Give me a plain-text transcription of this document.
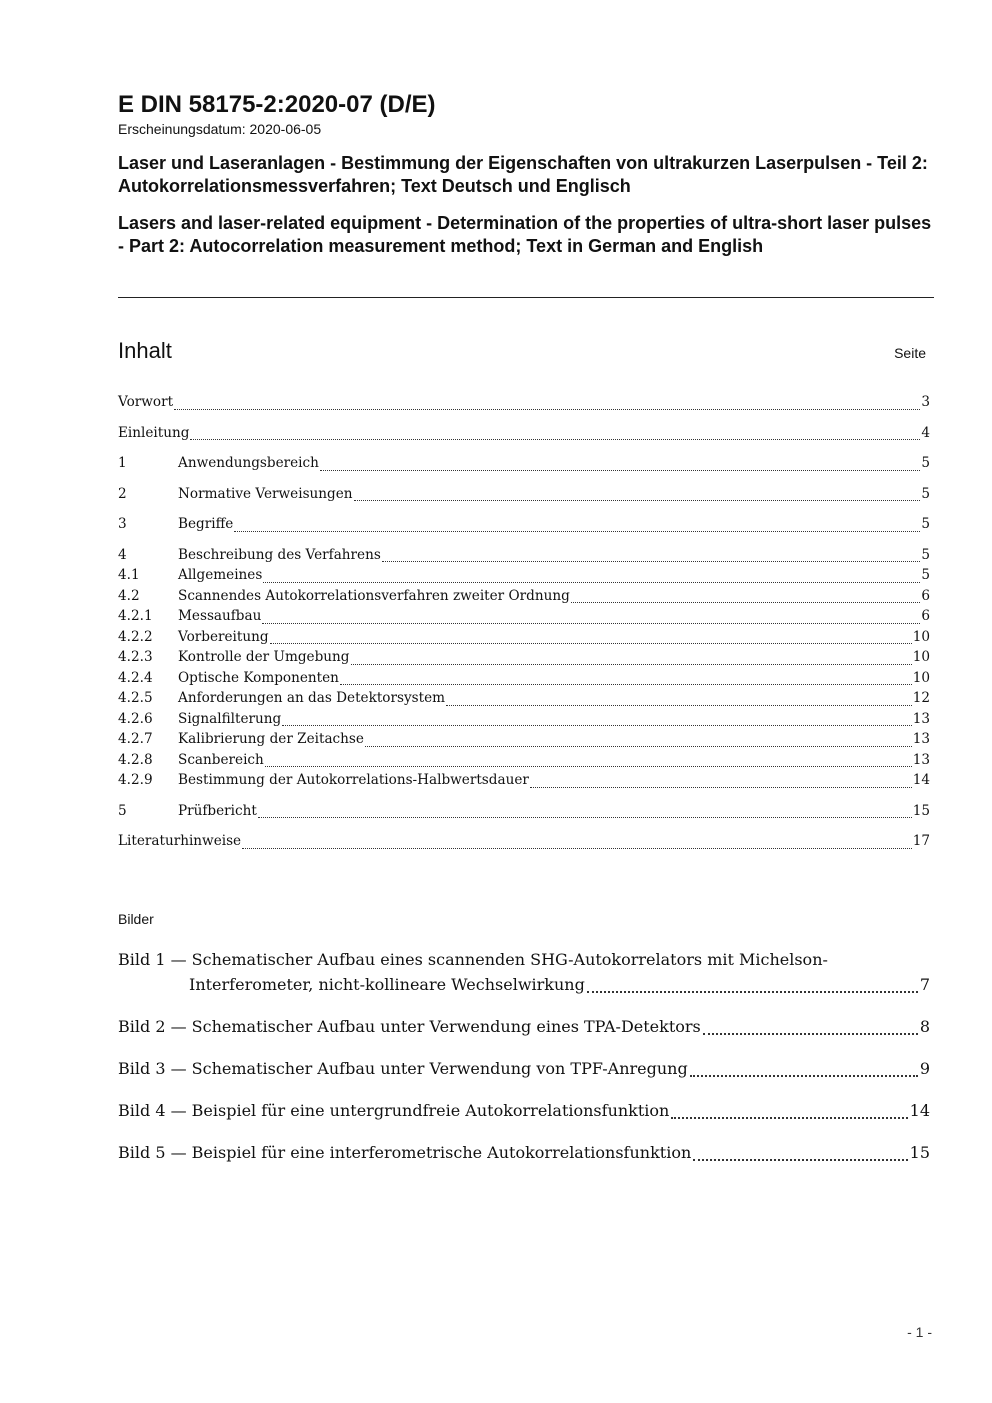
E DIN 58175-2:2020-07 (D/E)

Erscheinungsdatum: 2020-06-05

Laser und Laseranlagen - Bestimmung der Eigenschaften von ultrakurzen Laserpulsen - Teil 2: Autokorrelationsmessverfahren; Text Deutsch und Englisch

Lasers and laser-related equipment - Determination of the properties of ultra-short laser pulses - Part 2: Autocorrelation measurement method; Text in German and English

Inhalt	Seite
Vorwort	3
Einleitung	4
1	Anwendungsbereich	5
2	Normative Verweisungen	5
3	Begriffe	5
4	Beschreibung des Verfahrens	5
4.1	Allgemeines	5
4.2	Scannendes Autokorrelationsverfahren zweiter Ordnung	6
4.2.1	Messaufbau	6
4.2.2	Vorbereitung	10
4.2.3	Kontrolle der Umgebung	10
4.2.4	Optische Komponenten	10
4.2.5	Anforderungen an das Detektorsystem	12
4.2.6	Signalfilterung	13
4.2.7	Kalibrierung der Zeitachse	13
4.2.8	Scanbereich	13
4.2.9	Bestimmung der Autokorrelations-Halbwertsdauer	14
5	Prüfbericht	15
Literaturhinweise	17
Bilder
Bild 1 — Schematischer Aufbau eines scannenden SHG-Autokorrelators mit Michelson-
Interferometer, nicht-kollineare Wechselwirkung	7
Bild 2 — Schematischer Aufbau unter Verwendung eines TPA-Detektors	8
Bild 3 — Schematischer Aufbau unter Verwendung von TPF-Anregung	9
Bild 4 — Beispiel für eine untergrundfreie Autokorrelationsfunktion	14
Bild 5 — Beispiel für eine interferometrische Autokorrelationsfunktion	15
- 1 -
